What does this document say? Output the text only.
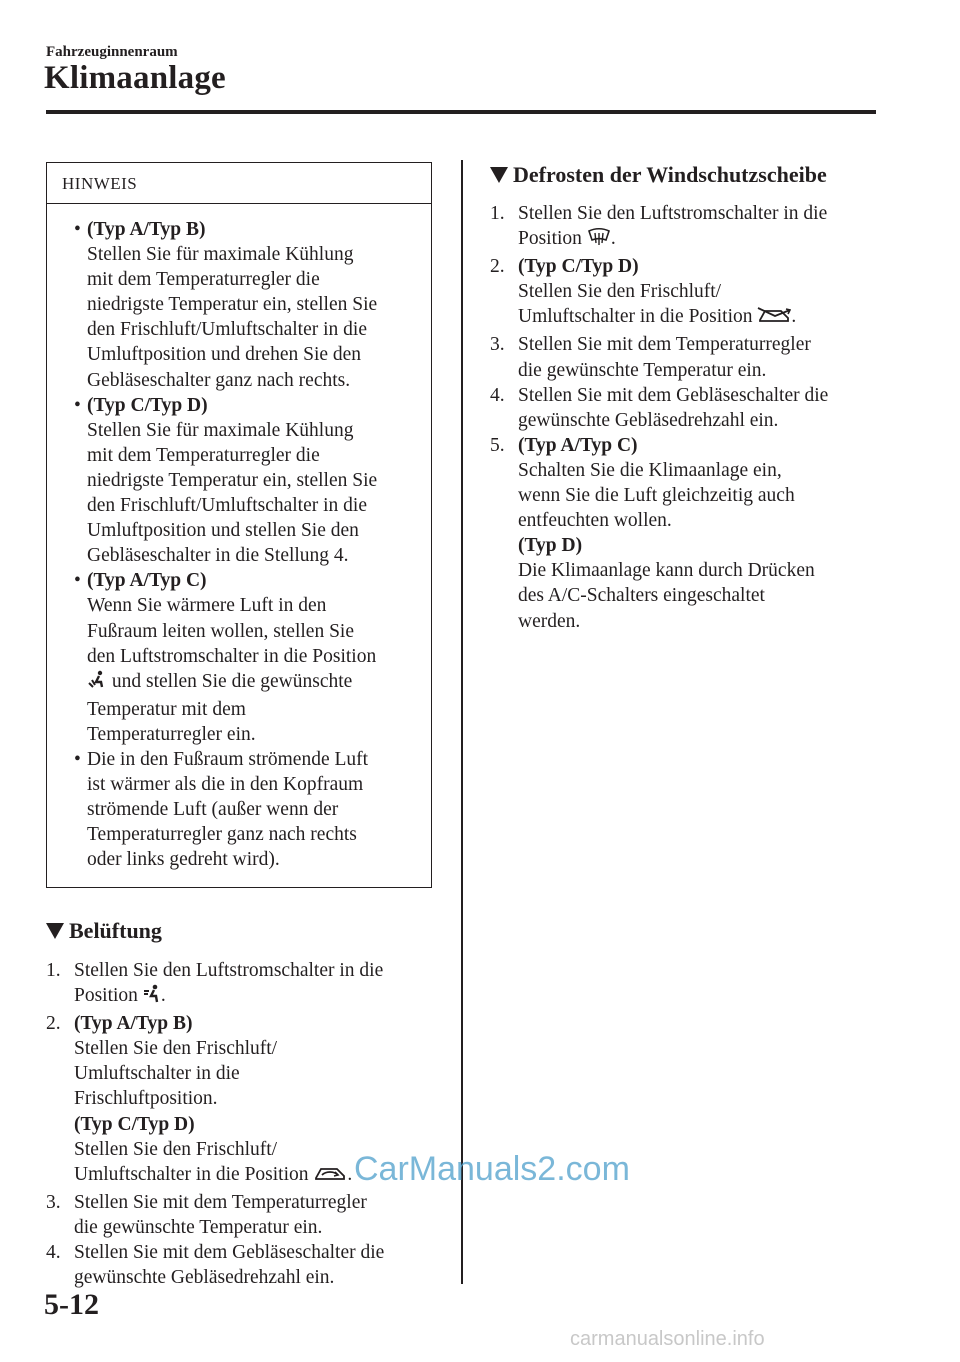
Fahrzeuginnenraum
Klimaanlage
HINWEIS
• (Typ A/Typ B)
Stellen Sie für maximale Kühlung
mit dem Temperaturregler die
niedrigste Temperatur ein, stellen Sie
den Frischluft/Umluftschalter in die
Umluftposition und drehen Sie den
Gebläseschalter ganz nach rechts.
• (Typ C/Typ D)
Stellen Sie für maximale Kühlung
mit dem Temperaturregler die
niedrigste Temperatur ein, stellen Sie
den Frischluft/Umluftschalter in die
Umluftposition und stellen Sie den
Gebläseschalter in die Stellung 4.
• (Typ A/Typ C)
Wenn Sie wärmere Luft in den
Fußraum leiten wollen, stellen Sie
den Luftstromschalter in die Position
und stellen Sie die gewünschte
Temperatur mit dem
Temperaturregler ein.
• Die in den Fußraum strömende Luft
ist wärmer als die in den Kopfraum
strömende Luft (außer wenn der
Temperaturregler ganz nach rechts
oder links gedreht wird).
Belüftung
1. Stellen Sie den Luftstromschalter in die
Position .
2. (Typ A/Typ B)
Stellen Sie den Frischluft/
Umluftschalter in die
Frischluftposition.
(Typ C/Typ D)
Stellen Sie den Frischluft/
Umluftschalter in die Position .
3. Stellen Sie mit dem Temperaturregler
die gewünschte Temperatur ein.
4. Stellen Sie mit dem Gebläseschalter die
gewünschte Gebläsedrehzahl ein.
Defrosten der Windschutzscheibe
1. Stellen Sie den Luftstromschalter in die
Position .
2. (Typ C/Typ D)
Stellen Sie den Frischluft/
Umluftschalter in die Position .
3. Stellen Sie mit dem Temperaturregler
die gewünschte Temperatur ein.
4. Stellen Sie mit dem Gebläseschalter die
gewünschte Gebläsedrehzahl ein.
5. (Typ A/Typ C)
Schalten Sie die Klimaanlage ein,
wenn Sie die Luft gleichzeitig auch
entfeuchten wollen.
(Typ D)
Die Klimaanlage kann durch Drücken
des A/C-Schalters eingeschaltet
werden.
CarManuals2.com
5-12
carmanualsonline.info
